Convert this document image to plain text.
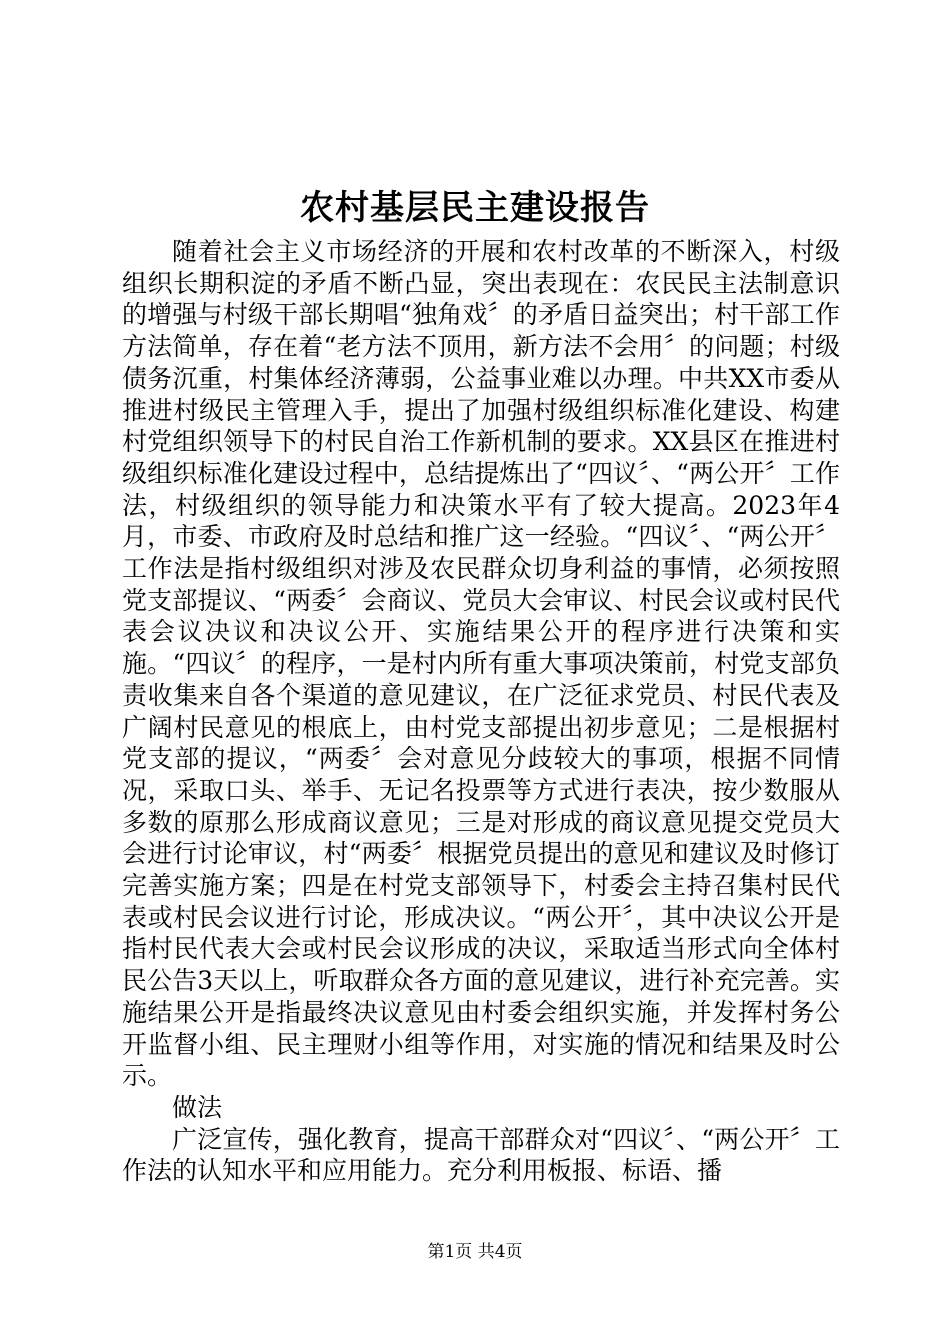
农村基层民主建设报告

随着社会主义市场经济的开展和农村改革的不断深入，村级组织长期积淀的矛盾不断凸显，突出表现在：农民民主法制意识的增强与村级干部长期唱“独角戏〞的矛盾日益突出；村干部工作方法简单，存在着“老方法不顶用，新方法不会用〞的问题；村级债务沉重，村集体经济薄弱，公益事业难以办理。中共XX市委从推进村级民主管理入手，提出了加强村级组织标准化建设、构建村党组织领导下的村民自治工作新机制的要求。XX县区在推进村级组织标准化建设过程中，总结提炼出了“四议〞、“两公开〞工作法，村级组织的领导能力和决策水平有了较大提高。2023年4月，市委、市政府及时总结和推广这一经验。“四议〞、“两公开〞工作法是指村级组织对涉及农民群众切身利益的事情，必须按照党支部提议、“两委〞会商议、党员大会审议、村民会议或村民代表会议决议和决议公开、实施结果公开的程序进行决策和实施。“四议〞的程序，一是村内所有重大事项决策前，村党支部负责收集来自各个渠道的意见建议，在广泛征求党员、村民代表及广阔村民意见的根底上，由村党支部提出初步意见；二是根据村党支部的提议，“两委〞会对意见分歧较大的事项，根据不同情况，采取口头、举手、无记名投票等方式进行表决，按少数服从多数的原那么形成商议意见；三是对形成的商议意见提交党员大会进行讨论审议，村“两委〞根据党员提出的意见和建议及时修订完善实施方案；四是在村党支部领导下，村委会主持召集村民代表或村民会议进行讨论，形成决议。“两公开〞，其中决议公开是指村民代表大会或村民会议形成的决议，采取适当形式向全体村民公告3天以上，听取群众各方面的意见建议，进行补充完善。实施结果公开是指最终决议意见由村委会组织实施，并发挥村务公开监督小组、民主理财小组等作用，对实施的情况和结果及时公示。

做法

广泛宣传，强化教育，提高干部群众对“四议〞、“两公开〞工作法的认知水平和应用能力。充分利用板报、标语、播

第1页 共4页
